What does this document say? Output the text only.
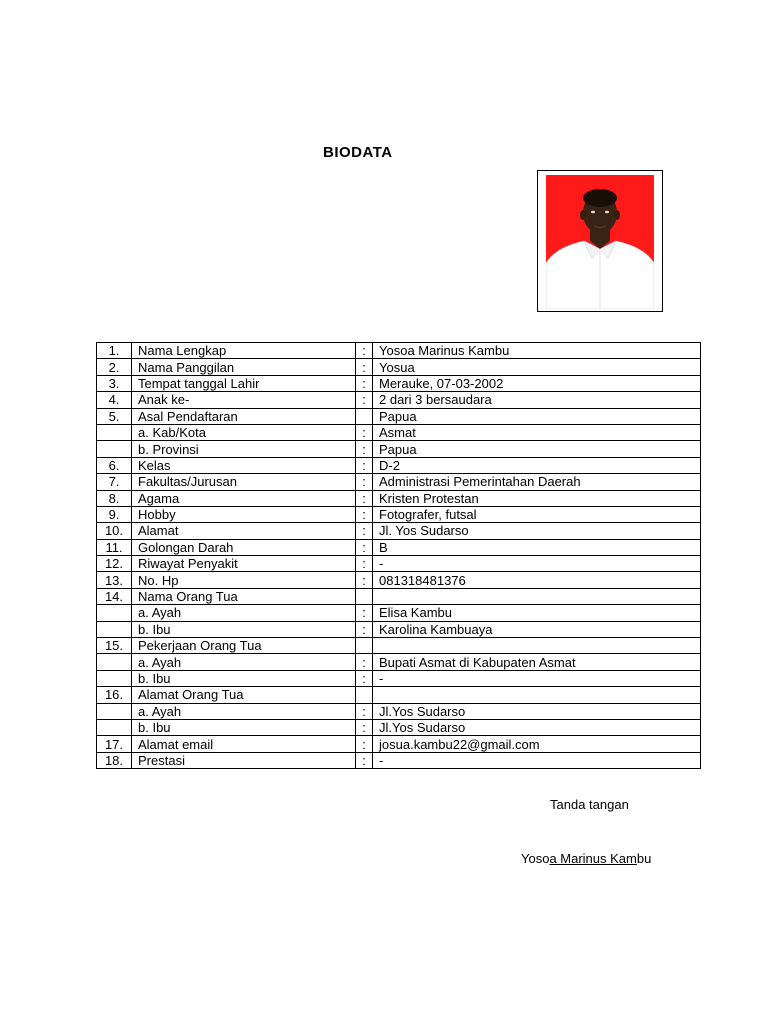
BIODATA
1.	Nama Lengkap	:	Yosoa Marinus Kambu
2.	Nama Panggilan	:	Yosua
3.	Tempat tanggal Lahir	:	Merauke, 07-03-2002
4.	Anak ke-	:	2 dari 3 bersaudara
5.	Asal Pendaftaran		Papua
	a. Kab/Kota	:	Asmat
	b. Provinsi	:	Papua
6.	Kelas	:	D-2
7.	Fakultas/Jurusan	:	Administrasi Pemerintahan Daerah
8.	Agama	:	Kristen Protestan
9.	Hobby	:	Fotografer, futsal
10.	Alamat	:	Jl. Yos Sudarso
11.	Golongan Darah	:	B
12.	Riwayat Penyakit	:	-
13.	No. Hp	:	081318481376
14.	Nama Orang Tua		
	a. Ayah	:	Elisa Kambu
	b. Ibu	:	Karolina Kambuaya
15.	Pekerjaan Orang Tua		
	a. Ayah	:	Bupati Asmat di Kabupaten Asmat
	b. Ibu	:	-
16.	Alamat Orang Tua		
	a. Ayah	:	Jl.Yos Sudarso
	b. Ibu	:	Jl.Yos Sudarso
17.	Alamat email	:	josua.kambu22@gmail.com
18.	Prestasi	:	-
Tanda tangan
Yosoa Marinus Kambu
